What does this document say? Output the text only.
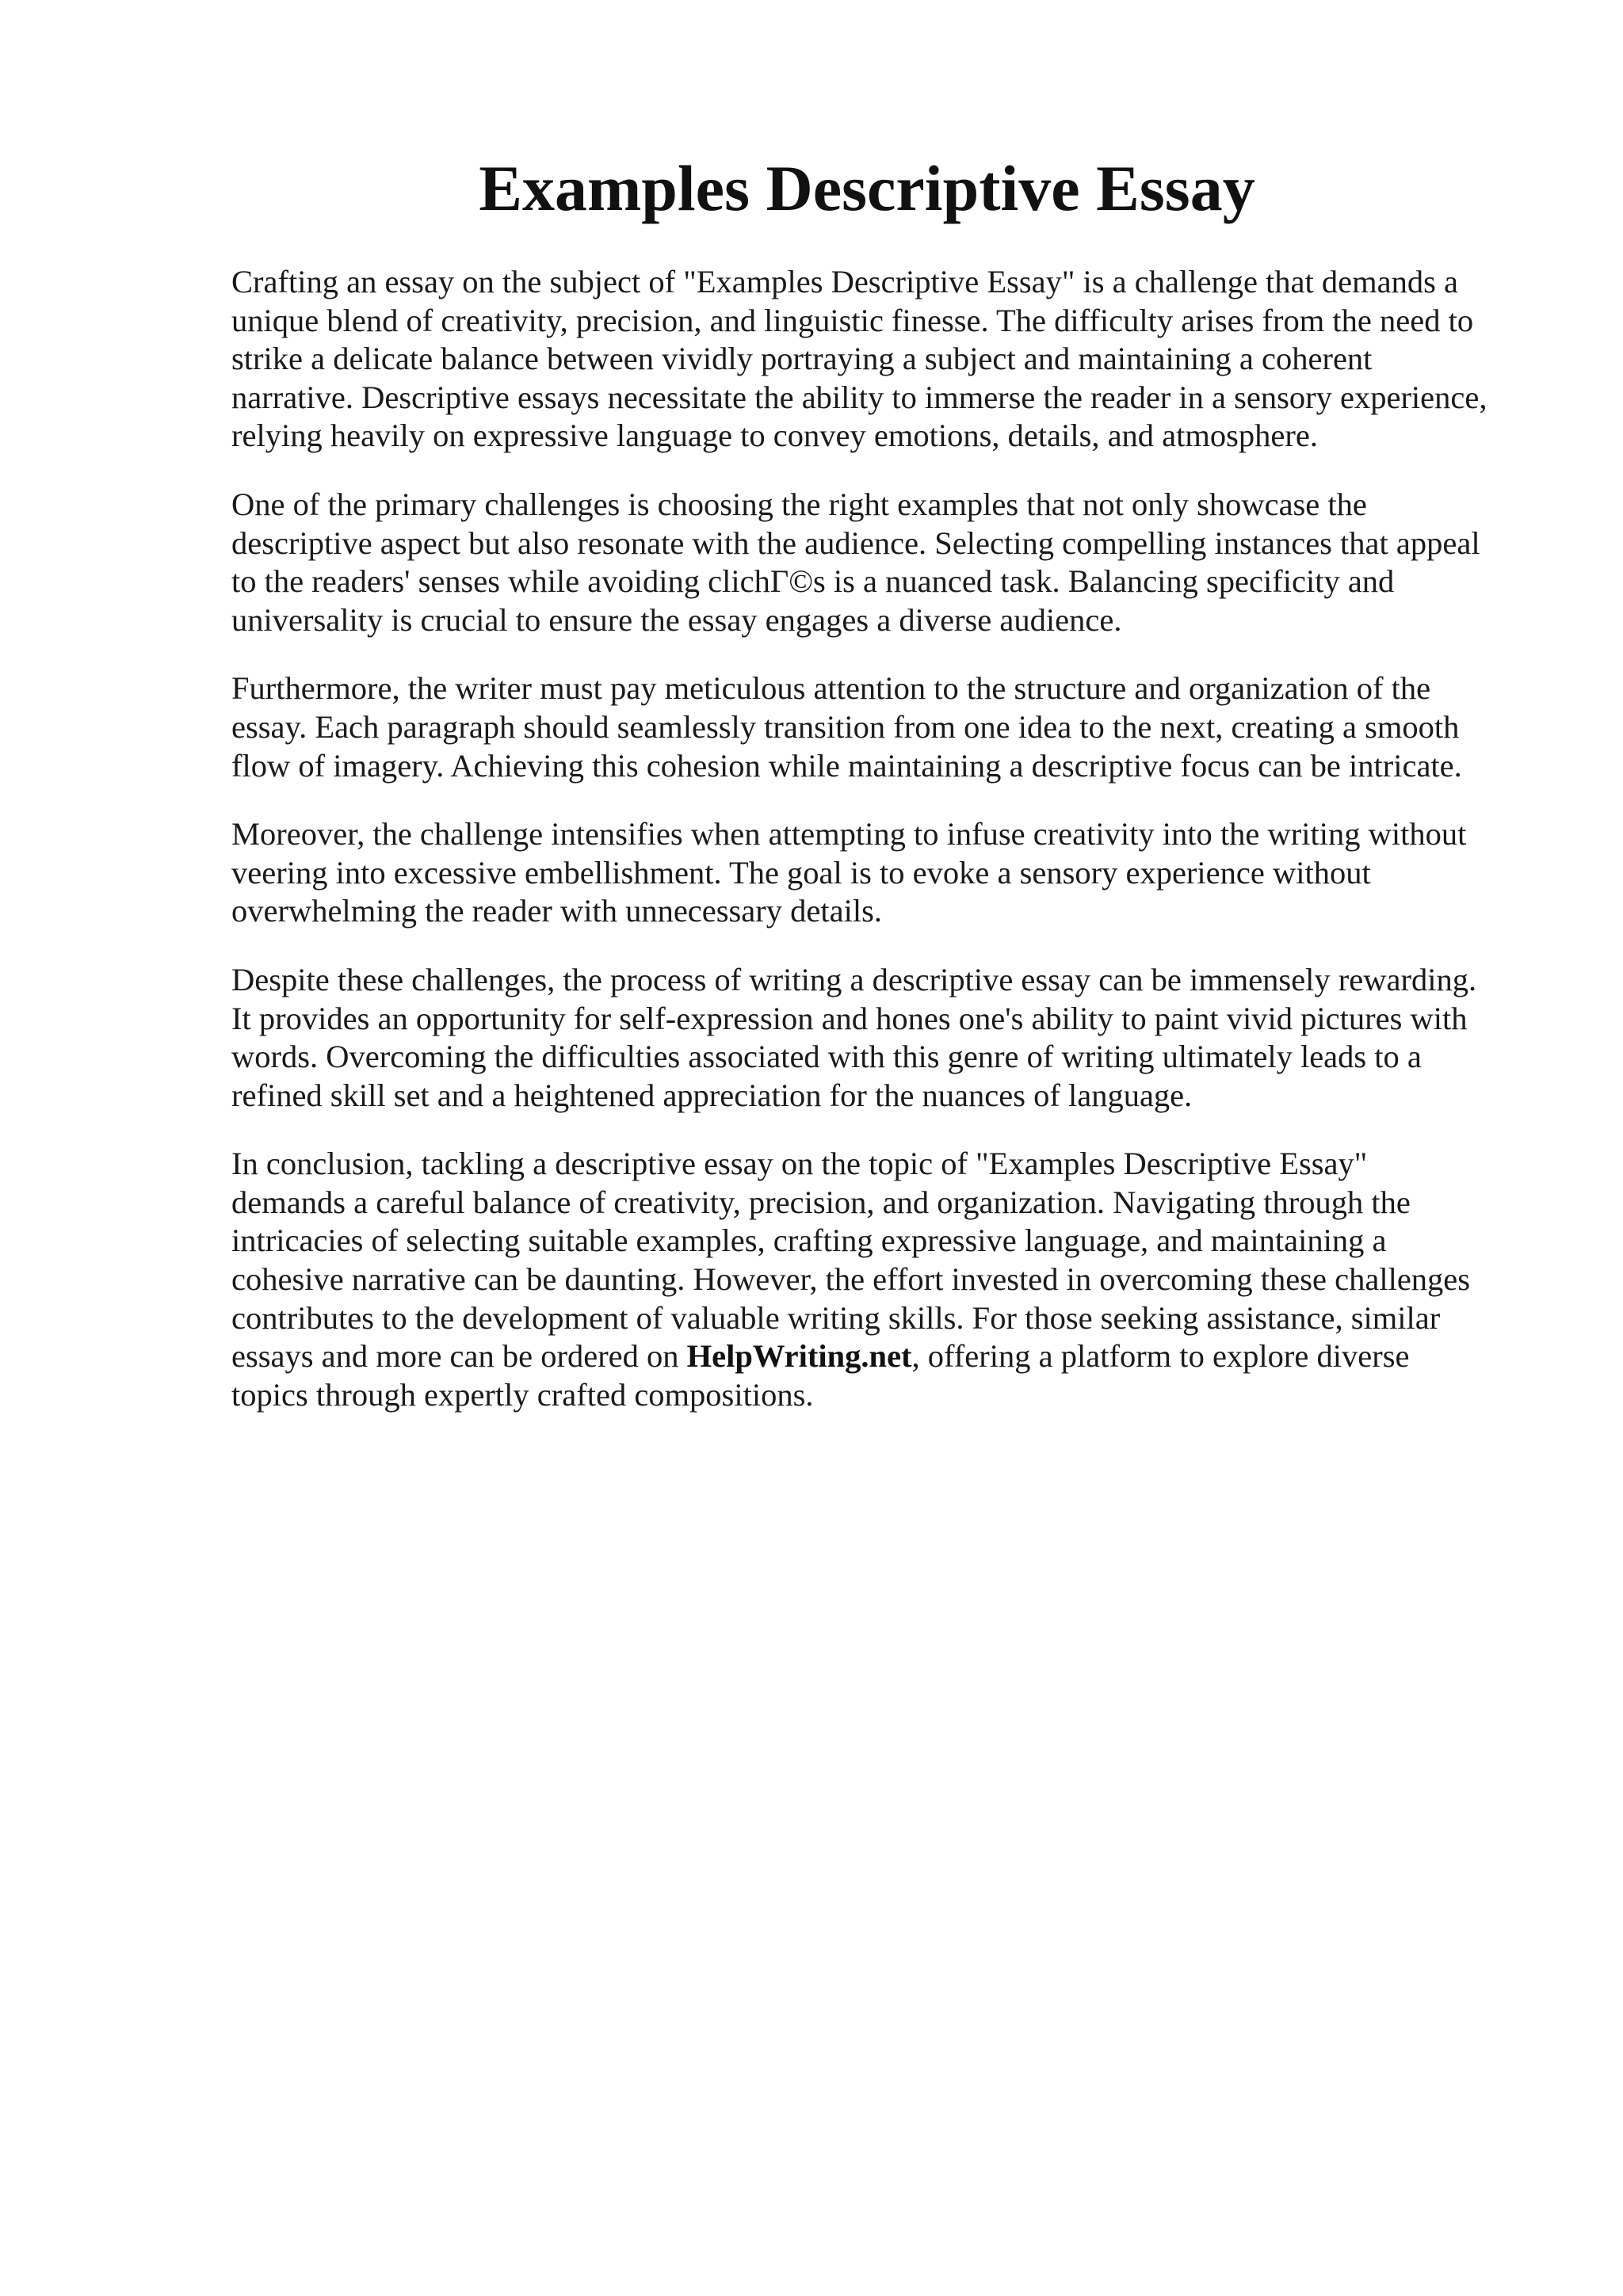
Examples Descriptive Essay

Crafting an essay on the subject of "Examples Descriptive Essay" is a challenge that demands a
unique blend of creativity, precision, and linguistic finesse. The difficulty arises from the need to
strike a delicate balance between vividly portraying a subject and maintaining a coherent
narrative. Descriptive essays necessitate the ability to immerse the reader in a sensory experience,
relying heavily on expressive language to convey emotions, details, and atmosphere.

One of the primary challenges is choosing the right examples that not only showcase the
descriptive aspect but also resonate with the audience. Selecting compelling instances that appeal
to the readers' senses while avoiding clichГ©s is a nuanced task. Balancing specificity and
universality is crucial to ensure the essay engages a diverse audience.

Furthermore, the writer must pay meticulous attention to the structure and organization of the
essay. Each paragraph should seamlessly transition from one idea to the next, creating a smooth
flow of imagery. Achieving this cohesion while maintaining a descriptive focus can be intricate.

Moreover, the challenge intensifies when attempting to infuse creativity into the writing without
veering into excessive embellishment. The goal is to evoke a sensory experience without
overwhelming the reader with unnecessary details.

Despite these challenges, the process of writing a descriptive essay can be immensely rewarding.
It provides an opportunity for self-expression and hones one's ability to paint vivid pictures with
words. Overcoming the difficulties associated with this genre of writing ultimately leads to a
refined skill set and a heightened appreciation for the nuances of language.

In conclusion, tackling a descriptive essay on the topic of "Examples Descriptive Essay"
demands a careful balance of creativity, precision, and organization. Navigating through the
intricacies of selecting suitable examples, crafting expressive language, and maintaining a
cohesive narrative can be daunting. However, the effort invested in overcoming these challenges
contributes to the development of valuable writing skills. For those seeking assistance, similar
essays and more can be ordered on HelpWriting.net, offering a platform to explore diverse
topics through expertly crafted compositions.
